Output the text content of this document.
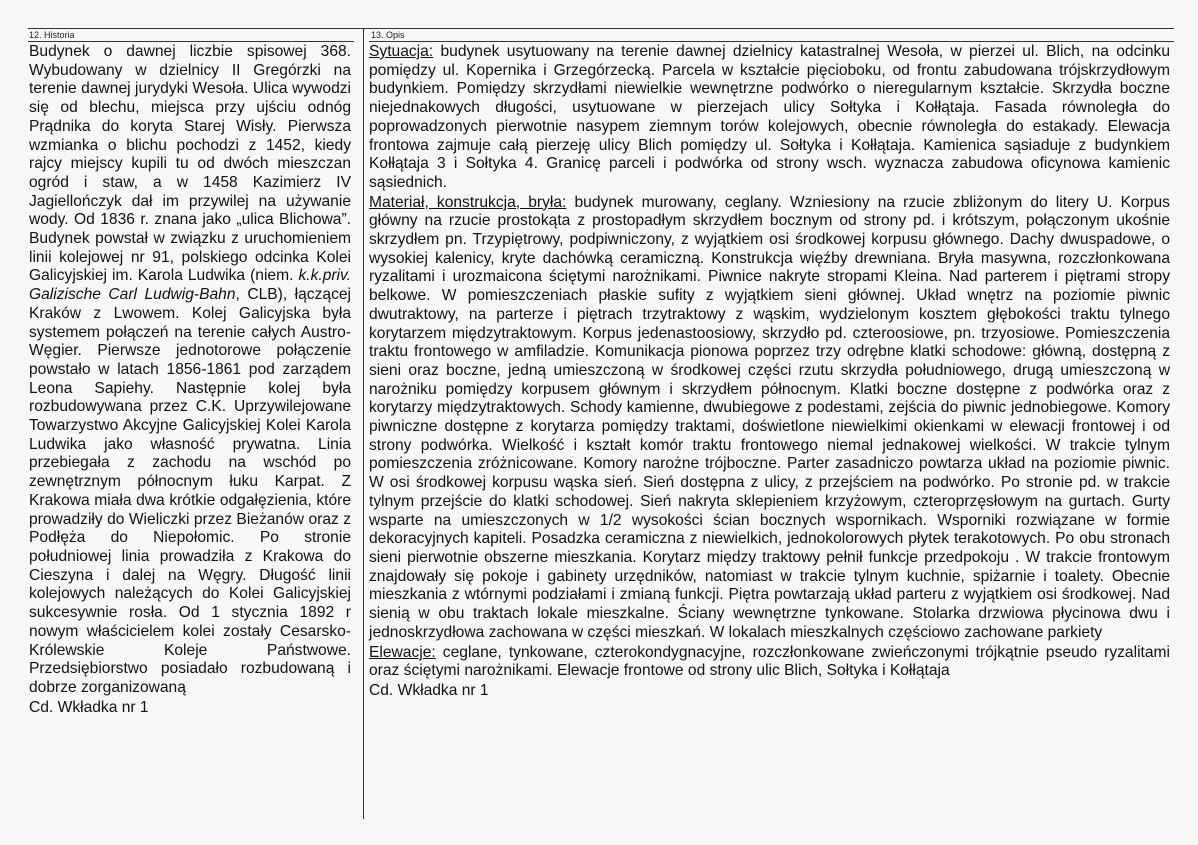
12. Historia
Budynek o dawnej liczbie spisowej 368. Wybudowany w dzielnicy II Gregórzki na terenie dawnej jurydyki Wesoła. Ulica wywodzi się od blechu, miejsca przy ujściu odnóg Prądnika do koryta Starej Wisły. Pierwsza wzmianka o blichu pochodzi z 1452, kiedy rajcy miejscy kupili tu od dwóch mieszczan ogród i staw, a w 1458 Kazimierz IV Jagiellończyk dał im przywilej na używanie wody. Od 1836 r. znana jako „ulica Blichowa”. Budynek powstał w związku z uruchomieniem linii kolejowej nr 91, polskiego odcinka Kolei Galicyjskiej im. Karola Ludwika (niem. k.k.priv. Galizische Carl Ludwig-Bahn, CLB), łączącej Kraków z Lwowem. Kolej Galicyjska była systemem połączeń na terenie całych Austro-Węgier. Pierwsze jednotorowe połączenie powstało w latach 1856-1861 pod zarządem Leona Sapiehy. Następnie kolej była rozbudowywana przez C.K. Uprzywilejowane Towarzystwo Akcyjne Galicyjskiej Kolei Karola Ludwika jako własność prywatna. Linia przebiegała z zachodu na wschód po zewnętrznym północnym łuku Karpat. Z Krakowa miała dwa krótkie odgałęzienia, które prowadziły do Wieliczki przez Bieżanów oraz z Podłęża do Niepołomic. Po stronie południowej linia prowadziła z Krakowa do Cieszyna i dalej na Węgry. Długość linii kolejowych należących do Kolei Galicyjskiej sukcesywnie rosła. Od 1 stycznia 1892 r nowym właścicielem kolei zostały Cesarsko-Królewskie Koleje Państwowe. Przedsiębiorstwo posiadało rozbudowaną i dobrze zorganizowaną
Cd. Wkładka nr 1
13. Opis
Sytuacja: budynek usytuowany na terenie dawnej dzielnicy katastralnej Wesoła, w pierzei ul. Blich, na odcinku pomiędzy ul. Kopernika i Grzegórzecką. Parcela w kształcie pięcioboku, od frontu zabudowana trójskrzydłowym budynkiem. Pomiędzy skrzydłami niewielkie wewnętrzne podwórko o nieregularnym kształcie. Skrzydła boczne niejednakowych długości, usytuowane w pierzejach ulicy Sołtyka i Kołłątaja. Fasada równoległa do poprowadzonych pierwotnie nasypem ziemnym torów kolejowych, obecnie równoległa do estakady. Elewacja frontowa zajmuje całą pierzeję ulicy Blich pomiędzy ul. Sołtyka i Kołłątaja. Kamienica sąsiaduje z budynkiem Kołłątaja 3 i Sołtyka 4. Granicę parceli i podwórka od strony wsch. wyznacza zabudowa oficynowa kamienic sąsiednich.
Materiał, konstrukcja, bryła: budynek murowany, ceglany. Wzniesiony na rzucie zbliżonym do litery U. Korpus główny na rzucie prostokąta z prostopadłym skrzydłem bocznym od strony pd. i krótszym, połączonym ukośnie skrzydłem pn. Trzypiętrowy, podpiwniczony, z wyjątkiem osi środkowej korpusu głównego. Dachy dwuspadowe, o wysokiej kalenicy, kryte dachówką ceramiczną. Konstrukcja więźby drewniana. Bryła masywna, rozczłonkowana ryzalitami i urozmaicona ściętymi narożnikami. Piwnice nakryte stropami Kleina. Nad parterem i piętrami stropy belkowe. W pomieszczeniach płaskie sufity z wyjątkiem sieni głównej. Układ wnętrz na poziomie piwnic dwutraktowy, na parterze i piętrach trzytraktowy z wąskim, wydzielonym kosztem głębokości traktu tylnego korytarzem międzytraktowym. Korpus jedenastoosiowy, skrzydło pd. czteroosiowe, pn. trzyosiowe. Pomieszczenia traktu frontowego w amfiladzie. Komunikacja pionowa poprzez trzy odrębne klatki schodowe: główną, dostępną z sieni oraz boczne, jedną umieszczoną w środkowej części rzutu skrzydła południowego, drugą umieszczoną w narożniku pomiędzy korpusem głównym i skrzydłem północnym. Klatki boczne dostępne z podwórka oraz z korytarzy międzytraktowych. Schody kamienne, dwubiegowe z podestami, zejścia do piwnic jednobiegowe. Komory piwniczne dostępne z korytarza pomiędzy traktami, doświetlone niewielkimi okienkami w elewacji frontowej i od strony podwórka. Wielkość i kształt komór traktu frontowego niemal jednakowej wielkości. W trakcie tylnym pomieszczenia zróżnicowane. Komory narożne trójboczne. Parter zasadniczo powtarza układ na poziomie piwnic. W osi środkowej korpusu wąska sień. Sień dostępna z ulicy, z przejściem na podwórko. Po stronie pd. w trakcie tylnym przejście do klatki schodowej. Sień nakryta sklepieniem krzyżowym, czteroprzęsłowym na gurtach. Gurty wsparte na umieszczonych w 1/2 wysokości ścian bocznych wspornikach. Wsporniki rozwiązane w formie dekoracyjnych kapiteli. Posadzka ceramiczna z niewielkich, jednokolorowych płytek terakotowych. Po obu stronach sieni pierwotnie obszerne mieszkania. Korytarz między traktowy pełnił funkcje przedpokoju . W trakcie frontowym znajdowały się pokoje i gabinety urzędników, natomiast w trakcie tylnym kuchnie, spiżarnie i toalety. Obecnie mieszkania z wtórnymi podziałami i zmianą funkcji. Piętra powtarzają układ parteru z wyjątkiem osi środkowej. Nad sienią w obu traktach lokale mieszkalne. Ściany wewnętrzne tynkowane. Stolarka drzwiowa płycinowa dwu i jednoskrzydłowa zachowana w części mieszkań. W lokalach mieszkalnych częściowo zachowane parkiety
Elewacje: ceglane, tynkowane, czterokondygnacyjne, rozczłonkowane zwieńczonymi trójkątnie pseudo ryzalitami oraz ściętymi narożnikami. Elewacje frontowe od strony ulic Blich, Sołtyka i Kołłątaja
Cd. Wkładka nr 1
